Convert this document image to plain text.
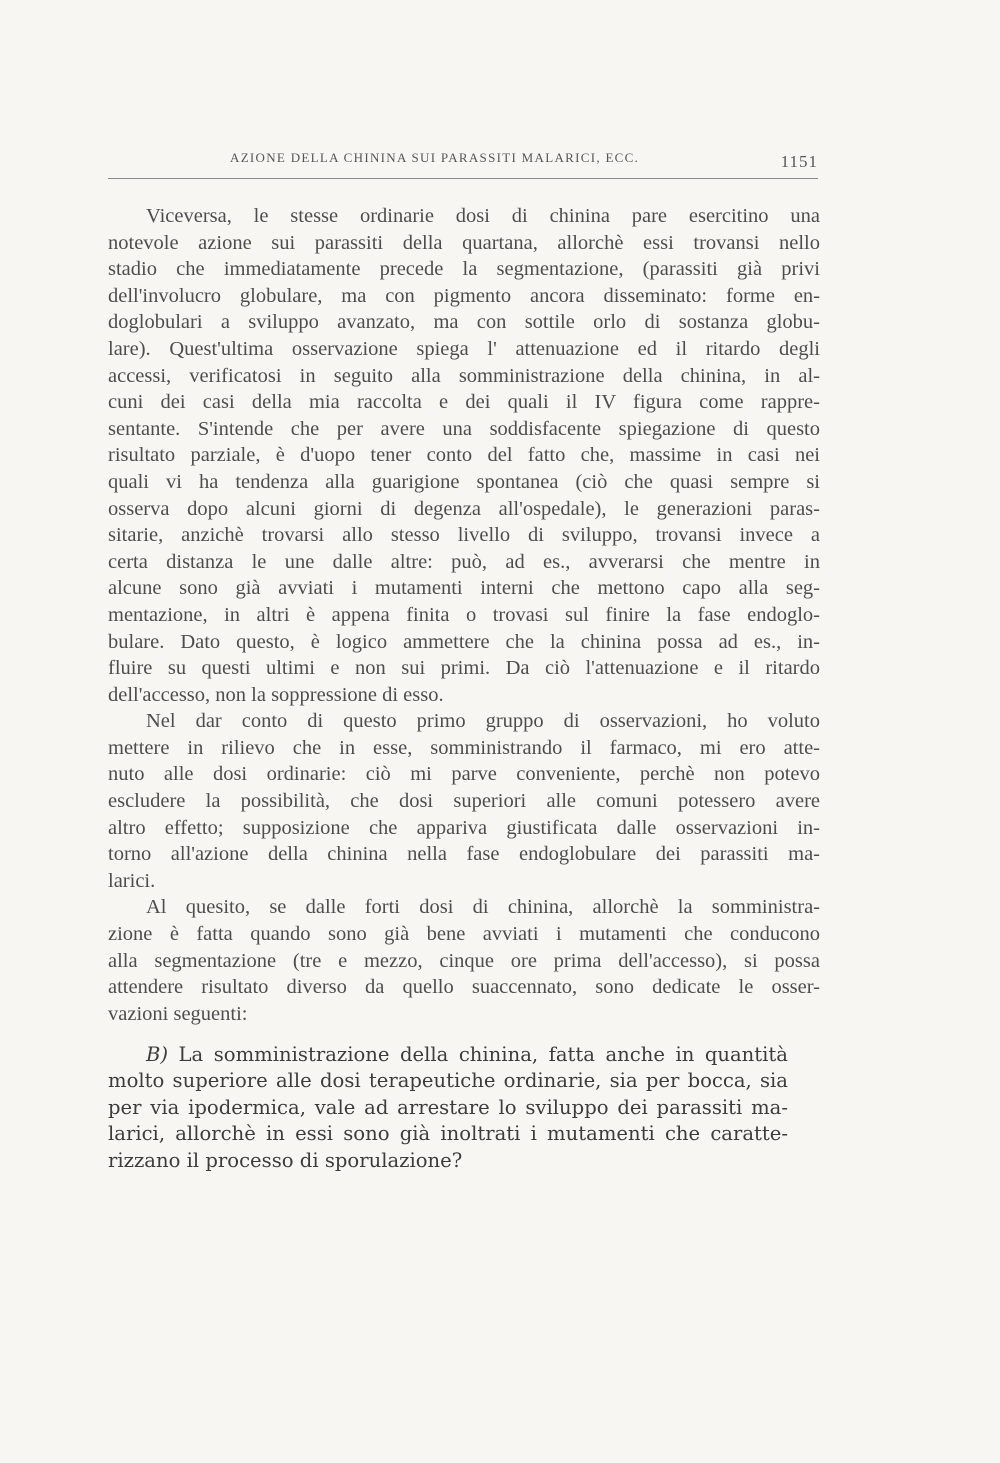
AZIONE DELLA CHININA SUI PARASSITI MALARICI, ECC.	1151
Viceversa, le stesse ordinarie dosi di chinina pare esercitino una
notevole azione sui parassiti della quartana, allorchè essi trovansi nello
stadio che immediatamente precede la segmentazione, (parassiti già privi
dell'involucro globulare, ma con pigmento ancora disseminato: forme en-
doglobulari a sviluppo avanzato, ma con sottile orlo di sostanza globu-
lare). Quest'ultima osservazione spiega l' attenuazione ed il ritardo degli
accessi, verificatosi in seguito alla somministrazione della chinina, in al-
cuni dei casi della mia raccolta e dei quali il IV figura come rappre-
sentante. S'intende che per avere una soddisfacente spiegazione di questo
risultato parziale, è d'uopo tener conto del fatto che, massime in casi nei
quali vi ha tendenza alla guarigione spontanea (ciò che quasi sempre si
osserva dopo alcuni giorni di degenza all'ospedale), le generazioni paras-
sitarie, anzichè trovarsi allo stesso livello di sviluppo, trovansi invece a
certa distanza le une dalle altre: può, ad es., avverarsi che mentre in
alcune sono già avviati i mutamenti interni che mettono capo alla seg-
mentazione, in altri è appena finita o trovasi sul finire la fase endoglo-
bulare. Dato questo, è logico ammettere che la chinina possa ad es., in-
fluire su questi ultimi e non sui primi. Da ciò l'attenuazione e il ritardo
dell'accesso, non la soppressione di esso.
Nel dar conto di questo primo gruppo di osservazioni, ho voluto
mettere in rilievo che in esse, somministrando il farmaco, mi ero atte-
nuto alle dosi ordinarie: ciò mi parve conveniente, perchè non potevo
escludere la possibilità, che dosi superiori alle comuni potessero avere
altro effetto; supposizione che appariva giustificata dalle osservazioni in-
torno all'azione della chinina nella fase endoglobulare dei parassiti ma-
larici.
Al quesito, se dalle forti dosi di chinina, allorchè la somministra-
zione è fatta quando sono già bene avviati i mutamenti che conducono
alla segmentazione (tre e mezzo, cinque ore prima dell'accesso), si possa
attendere risultato diverso da quello suaccennato, sono dedicate le osser-
vazioni seguenti:
B) La somministrazione della chinina, fatta anche in quantità
molto superiore alle dosi terapeutiche ordinarie, sia per bocca, sia
per via ipodermica, vale ad arrestare lo sviluppo dei parassiti ma-
larici, allorchè in essi sono già inoltrati i mutamenti che caratte-
rizzano il processo di sporulazione?
